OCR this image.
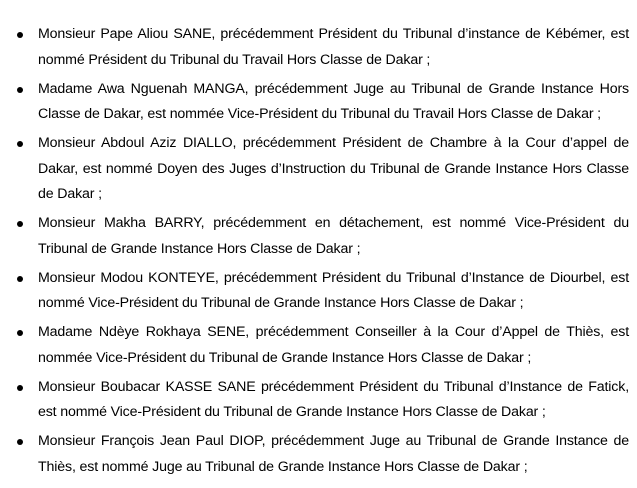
Monsieur Pape Aliou SANE, précédemment Président du Tribunal d’instance de Kébémer, est nommé Président du Tribunal du Travail Hors Classe de Dakar ;
Madame Awa Nguenah MANGA, précédemment Juge au Tribunal de Grande Instance Hors Classe de Dakar, est nommée Vice-Président du Tribunal du Travail Hors Classe de Dakar ;
Monsieur Abdoul Aziz DIALLO, précédemment Président de Chambre à la Cour d’appel de Dakar, est nommé Doyen des Juges d’Instruction du Tribunal de Grande Instance Hors Classe de Dakar ;
Monsieur Makha BARRY, précédemment en détachement, est nommé Vice-Président du Tribunal de Grande Instance Hors Classe de Dakar ;
Monsieur Modou KONTEYE, précédemment Président du Tribunal d’Instance de Diourbel, est nommé Vice-Président du Tribunal de Grande Instance Hors Classe de Dakar ;
Madame Ndèye Rokhaya SENE, précédemment Conseiller à la Cour d’Appel de Thiès, est nommée Vice-Président du Tribunal de Grande Instance Hors Classe de Dakar ;
Monsieur Boubacar KASSE SANE précédemment Président du Tribunal d’Instance de Fatick, est nommé Vice-Président du Tribunal de Grande Instance Hors Classe de Dakar ;
Monsieur François Jean Paul DIOP, précédemment Juge au Tribunal de Grande Instance de Thiès, est nommé Juge au Tribunal de Grande Instance Hors Classe de Dakar ;
